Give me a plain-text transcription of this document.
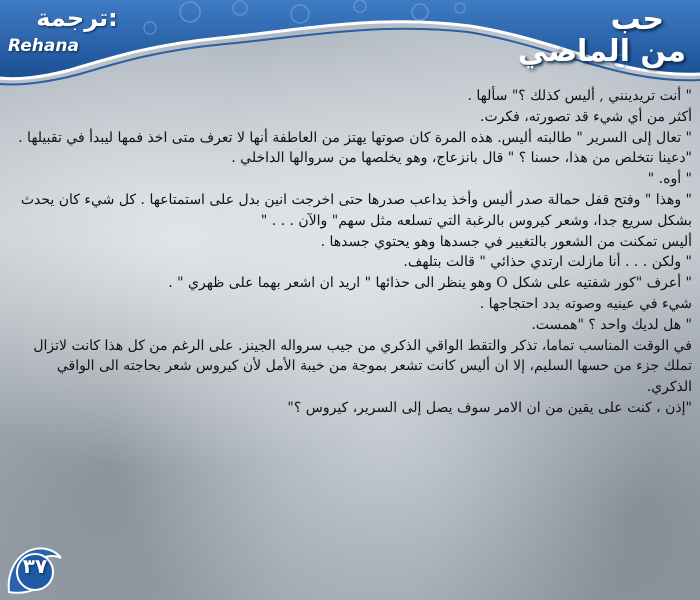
ترجمة:
Rehana
حب
من الماضي

" أنت تريدينني , أليس كذلك ؟" سألها .

أكثر من أي شيء قد تصورته، فكرت.

" تعال إلى السرير " طالبته أليس. هذه المرة كان صوتها يهتز من العاطفة أنها لا تعرف متى اخذ فمها ليبدأ في تقبيلها .

"دعينا نتخلص من هذا، حسنا ؟ " قال بانزعاج، وهو يخلصها من سروالها الداخلي .

" أوه. "

" وهذا " وفتح قفل حمالة صدر أليس وأخذ يداعب صدرها حتى اخرجت انين بدل على استمتاعها . كل شيء كان يحدث بشكل سريع جدا، وشعر كيروس بالرغبة التي تسلعه مثل سهم" والآن . . . "

أليس تمكنت من الشعور بالتغيير في جسدها وهو يحتوي جسدها .

" ولكن . . . أنا مازلت ارتدي حذائي " قالت بتلهف.

" أعرف "كور شفتيه على شكل O وهو ينظر الى حذائها " اريد ان اشعر بهما على ظهري " .

شيء في عينيه وصوته بدد احتجاجها .

" هل لديك واحد ؟ "همست.

في الوقت المناسب تماما، تذكر والتقط الواقي الذكري من جيب سرواله الجينز. على الرغم من كل هذا كانت لاتزال تملك جزء من حسها السليم، إلا ان أليس كانت تشعر بموجة من خيبة الأمل لأن كيروس شعر بحاجته الى الواقي الذكري.

"إذن ، كنت على يقين من ان الامر سوف يصل إلى السرير، كيروس ؟"

٣٧
